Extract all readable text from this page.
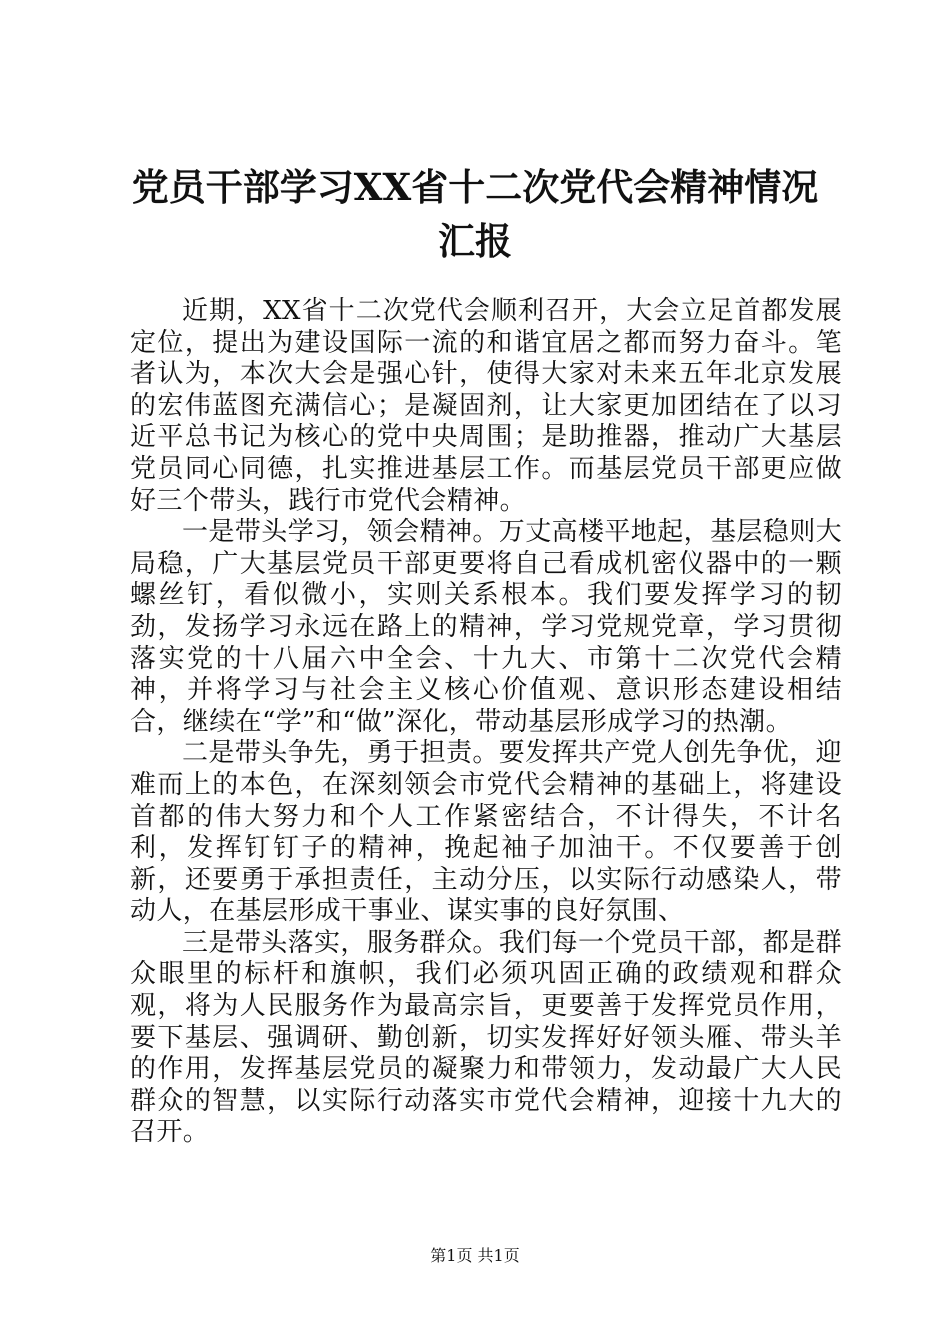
党员干部学习XX省十二次党代会精神情况汇报

近期，XX省十二次党代会顺利召开，大会立足首都发展定位，提出为建设国际一流的和谐宜居之都而努力奋斗。笔者认为，本次大会是强心针，使得大家对未来五年北京发展的宏伟蓝图充满信心；是凝固剂，让大家更加团结在了以习近平总书记为核心的党中央周围；是助推器，推动广大基层党员同心同德，扎实推进基层工作。而基层党员干部更应做好三个带头，践行市党代会精神。

一是带头学习，领会精神。万丈高楼平地起，基层稳则大局稳，广大基层党员干部更要将自己看成机密仪器中的一颗螺丝钉，看似微小，实则关系根本。我们要发挥学习的韧劲，发扬学习永远在路上的精神，学习党规党章，学习贯彻落实党的十八届六中全会、十九大、市第十二次党代会精神，并将学习与社会主义核心价值观、意识形态建设相结合，继续在“学”和“做”深化，带动基层形成学习的热潮。

二是带头争先，勇于担责。要发挥共产党人创先争优，迎难而上的本色，在深刻领会市党代会精神的基础上，将建设首都的伟大努力和个人工作紧密结合，不计得失，不计名利，发挥钉钉子的精神，挽起袖子加油干。不仅要善于创新，还要勇于承担责任，主动分压，以实际行动感染人，带动人，在基层形成干事业、谋实事的良好氛围、

三是带头落实，服务群众。我们每一个党员干部，都是群众眼里的标杆和旗帜，我们必须巩固正确的政绩观和群众观，将为人民服务作为最高宗旨，更要善于发挥党员作用，要下基层、强调研、勤创新，切实发挥好好领头雁、带头羊的作用，发挥基层党员的凝聚力和带领力，发动最广大人民群众的智慧，以实际行动落实市党代会精神，迎接十九大的召开。

第1页 共1页
